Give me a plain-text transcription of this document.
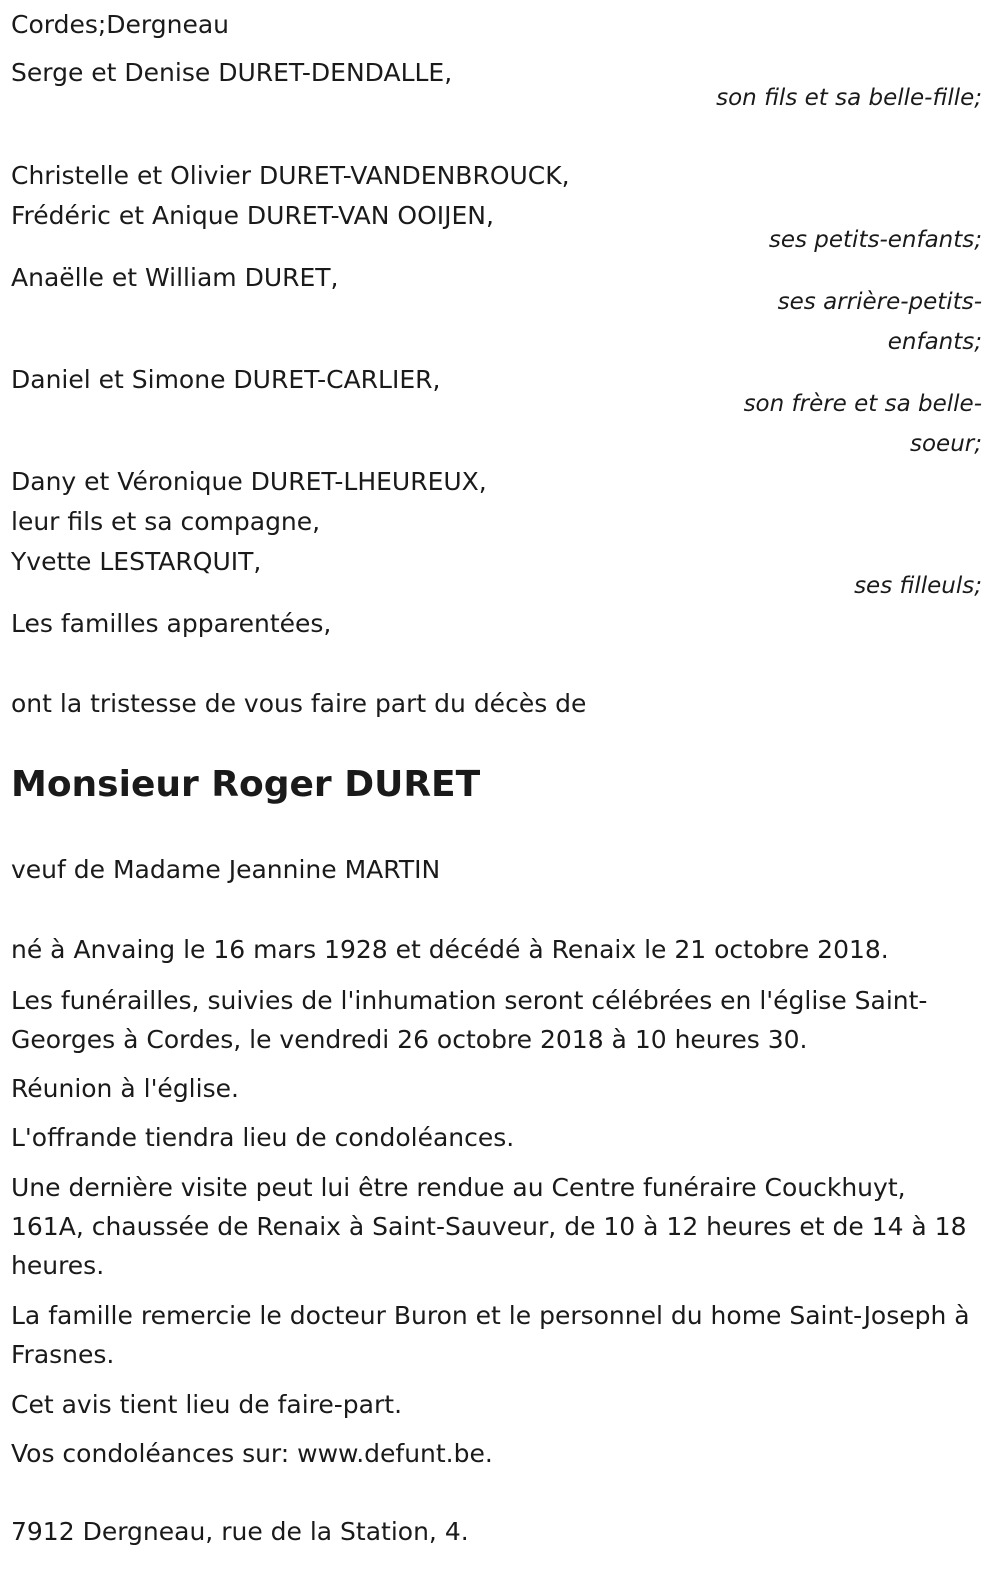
Cordes;Dergneau
Serge et Denise DURET-DENDALLE,
son fils et sa belle-fille;
Christelle et Olivier DURET-VANDENBROUCK,
Frédéric et Anique DURET-VAN OOIJEN,
ses petits-enfants;
Anaëlle et William DURET,
ses arrière-petits-enfants;
Daniel et Simone DURET-CARLIER,
son frère et sa belle-soeur;
Dany et Véronique DURET-LHEUREUX,
leur fils et sa compagne,
Yvette LESTARQUIT,
ses filleuls;
Les familles apparentées,
ont la tristesse de vous faire part du décès de
Monsieur Roger DURET
veuf de Madame Jeannine MARTIN
né à Anvaing le 16 mars 1928 et décédé à Renaix le 21 octobre 2018.
Les funérailles, suivies de l'inhumation seront célébrées en l'église Saint-Georges à Cordes, le vendredi 26 octobre 2018 à 10 heures 30.
Réunion à l'église.
L'offrande tiendra lieu de condoléances.
Une dernière visite peut lui être rendue au Centre funéraire Couckhuyt, 161A, chaussée de Renaix à Saint-Sauveur, de 10 à 12 heures et de 14 à 18 heures.
La famille remercie le docteur Buron et le personnel du home Saint-Joseph à Frasnes.
Cet avis tient lieu de faire-part.
Vos condoléances sur: www.defunt.be.
7912 Dergneau, rue de la Station, 4.
